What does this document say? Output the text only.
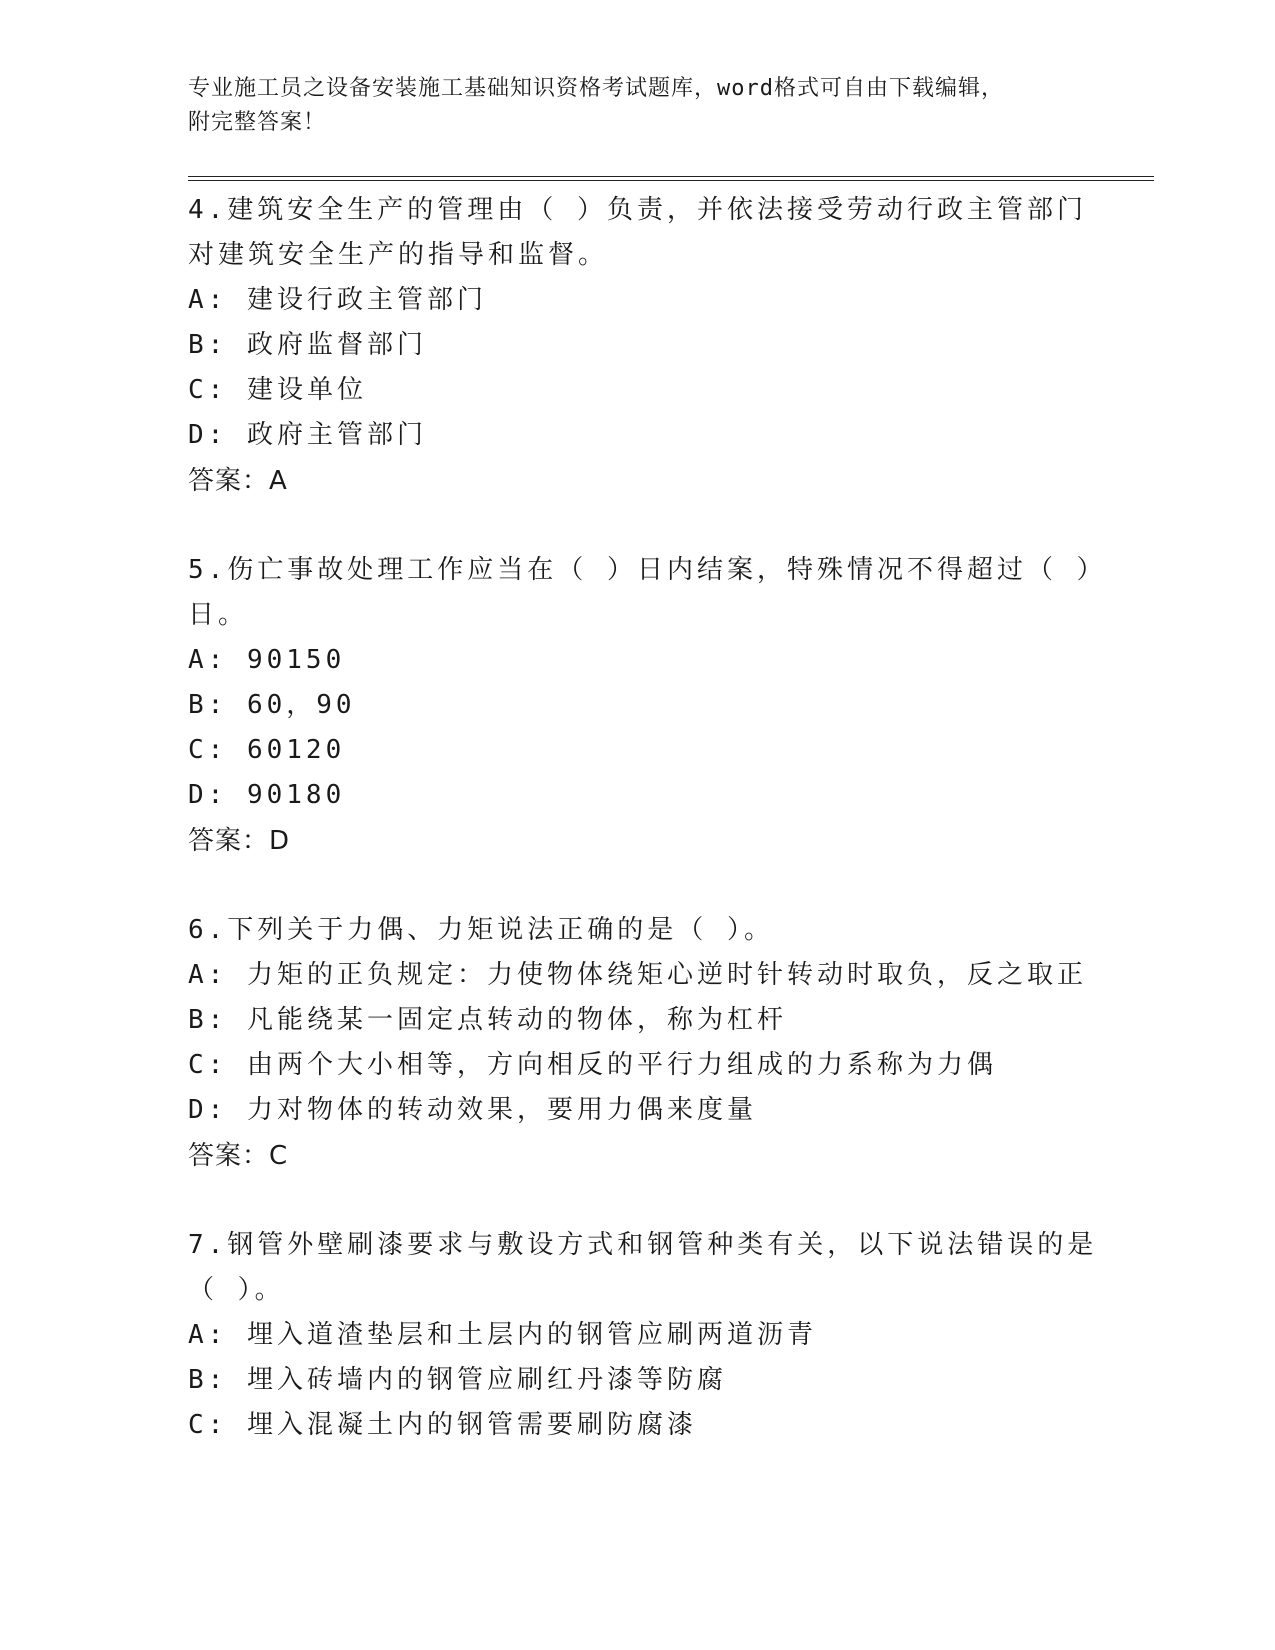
专业施工员之设备安装施工基础知识资格考试题库，word格式可自由下载编辑，
附完整答案！
4.建筑安全生产的管理由（ ）负责，并依法接受劳动行政主管部门对建筑安全生产的指导和监督。
A: 建设行政主管部门
B: 政府监督部门
C: 建设单位
D: 政府主管部门
答案：A
5.伤亡事故处理工作应当在（ ）日内结案，特殊情况不得超过（ ）日。
A: 90150
B: 60，90
C: 60120
D: 90180
答案：D
6.下列关于力偶、力矩说法正确的是（ ）。
A: 力矩的正负规定：力使物体绕矩心逆时针转动时取负，反之取正
B: 凡能绕某一固定点转动的物体，称为杠杆
C: 由两个大小相等，方向相反的平行力组成的力系称为力偶
D: 力对物体的转动效果，要用力偶来度量
答案：C
7.钢管外壁刷漆要求与敷设方式和钢管种类有关，以下说法错误的是（ ）。
A: 埋入道渣垫层和土层内的钢管应刷两道沥青
B: 埋入砖墙内的钢管应刷红丹漆等防腐
C: 埋入混凝土内的钢管需要刷防腐漆
